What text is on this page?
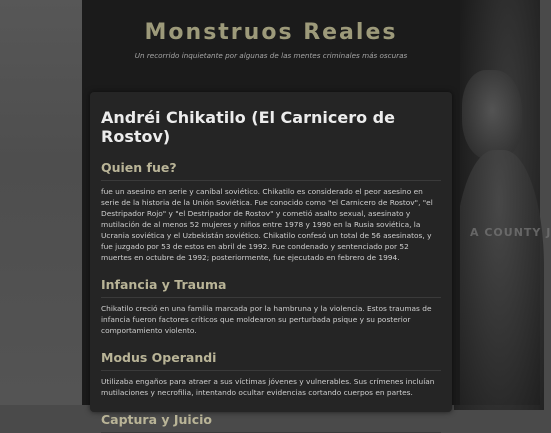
A COUNTY J
Monstruos Reales

Un recorrido inquietante por algunas de las mentes criminales más oscuras

Andréi Chikatilo (El Carnicero de Rostov)
Quien fue?

fue un asesino en serie y caníbal soviético. Chikatilo es considerado el peor asesino en serie de la historia de la Unión Soviética. Fue conocido como "el Carnicero de Rostov", "el Destripador Rojo" y "el Destripador de Rostov" y cometió asalto sexual, asesinato y mutilación de al menos 52 mujeres y niños entre 1978 y 1990 en la Rusia soviética, la Ucrania soviética y el Uzbekistán soviético. Chikatilo confesó un total de 56 asesinatos, y fue juzgado por 53 de estos en abril de 1992. Fue condenado y sentenciado por 52 muertes en octubre de 1992; posteriormente, fue ejecutado en febrero de 1994.

Infancia y Trauma

Chikatilo creció en una familia marcada por la hambruna y la violencia. Estos traumas de infancia fueron factores críticos que moldearon su perturbada psique y su posterior comportamiento violento.

Modus Operandi

Utilizaba engaños para atraer a sus víctimas jóvenes y vulnerables. Sus crímenes incluían mutilaciones y necrofilia, intentando ocultar evidencias cortando cuerpos en partes.

Captura y Juicio
